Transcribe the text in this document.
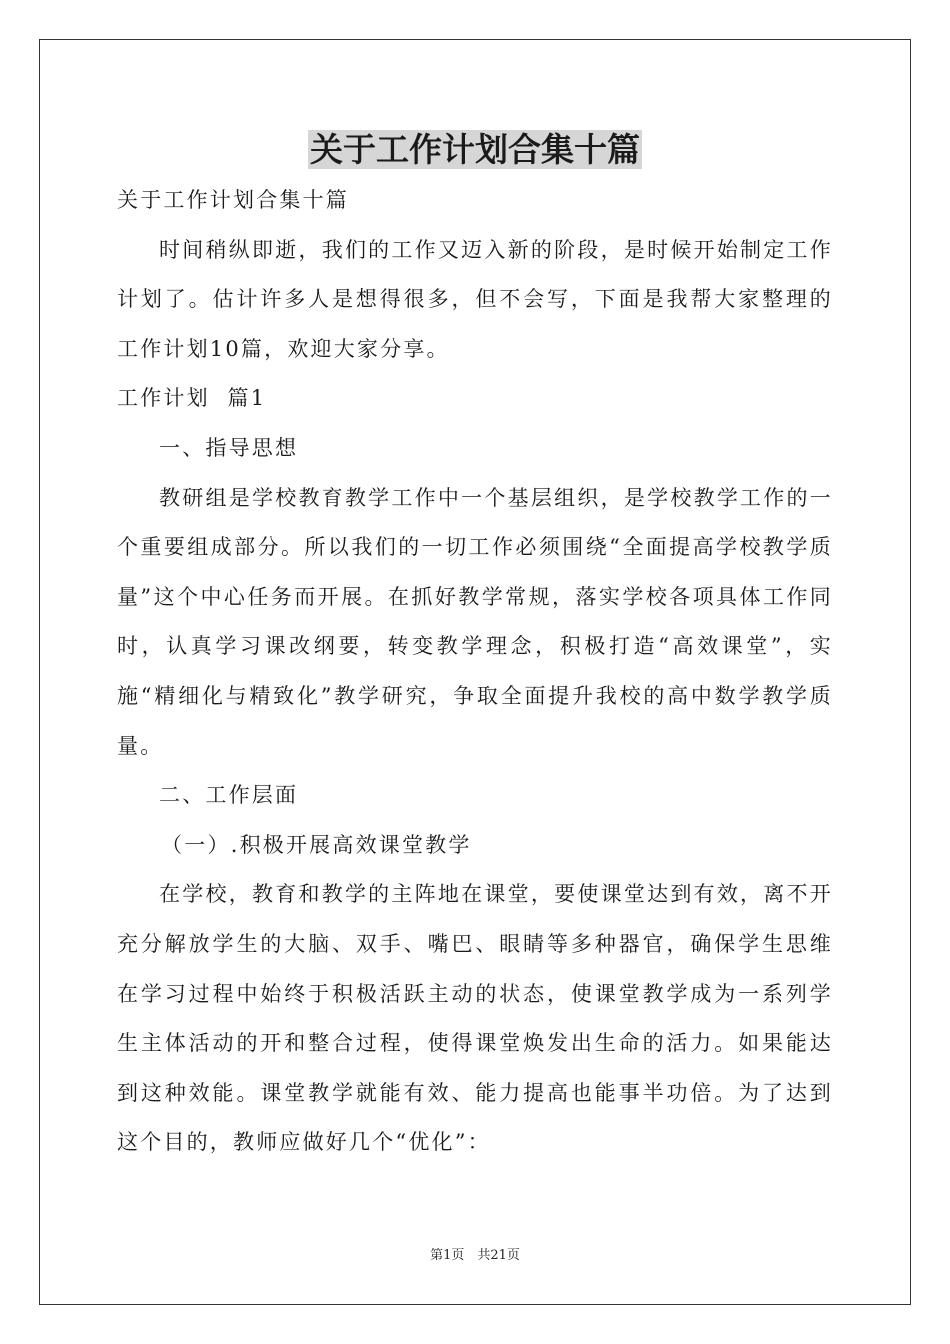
关于工作计划合集十篇

关于工作计划合集十篇

时间稍纵即逝，我们的工作又迈入新的阶段，是时候开始制定工作计划了。估计许多人是想得很多，但不会写，下面是我帮大家整理的工作计划10篇，欢迎大家分享。

工作计划  篇1

一、指导思想

教研组是学校教育教学工作中一个基层组织，是学校教学工作的一个重要组成部分。所以我们的一切工作必须围绕“全面提高学校教学质量”这个中心任务而开展。在抓好教学常规，落实学校各项具体工作同时，认真学习课改纲要，转变教学理念，积极打造“高效课堂”，实施“精细化与精致化”教学研究，争取全面提升我校的高中数学教学质量。

二、工作层面

（一）.积极开展高效课堂教学

在学校，教育和教学的主阵地在课堂，要使课堂达到有效，离不开充分解放学生的大脑、双手、嘴巴、眼睛等多种器官，确保学生思维在学习过程中始终于积极活跃主动的状态，使课堂教学成为一系列学生主体活动的开和整合过程，使得课堂焕发出生命的活力。如果能达到这种效能。课堂教学就能有效、能力提高也能事半功倍。为了达到这个目的，教师应做好几个“优化”：

第1页　共21页
